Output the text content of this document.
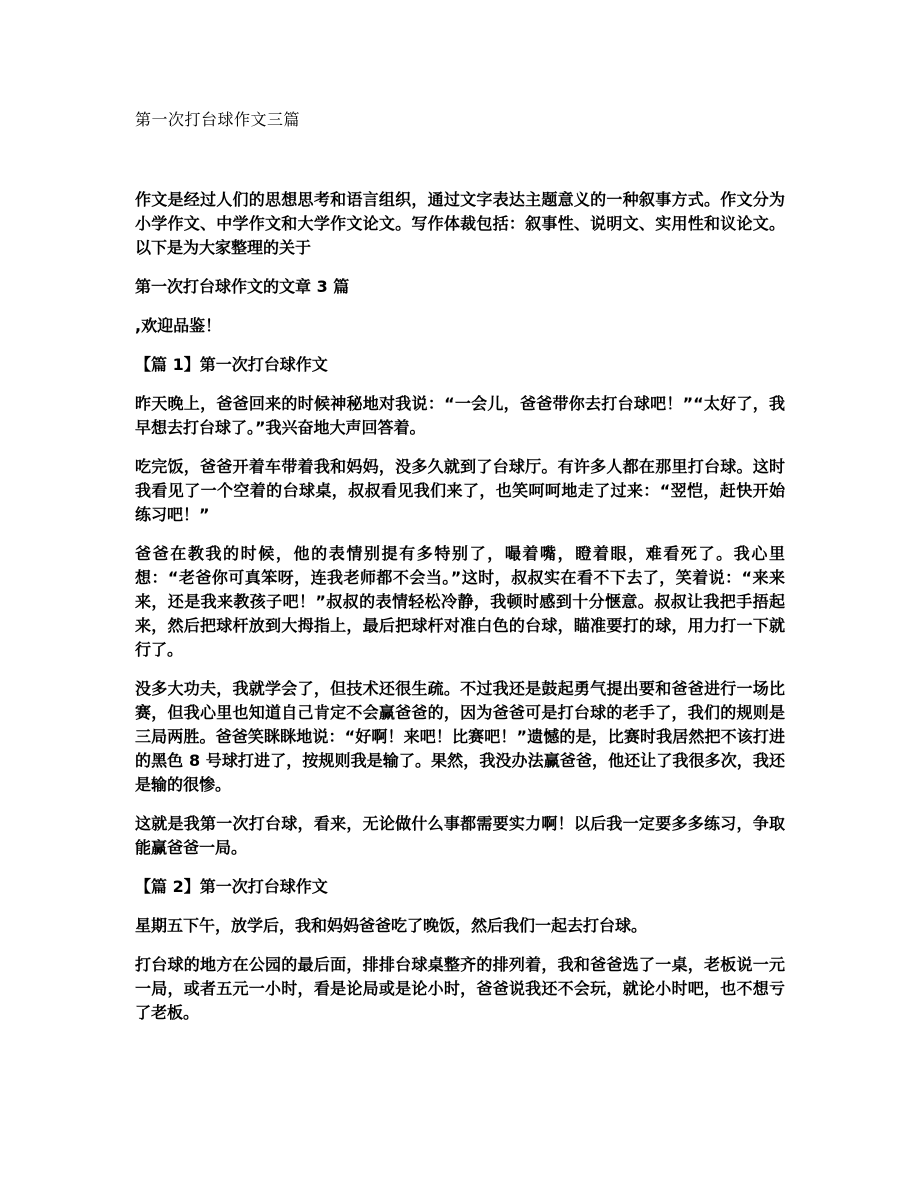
第一次打台球作文三篇

作文是经过人们的思想思考和语言组织，通过文字表达主题意义的一种叙事方式。作文分为小学作文、中学作文和大学作文论文。写作体裁包括：叙事性、说明文、实用性和议论文。 以下是为大家整理的关于

第一次打台球作文的文章 3 篇

,欢迎品鉴！

【篇 1】第一次打台球作文

昨天晚上，爸爸回来的时候神秘地对我说：“一会儿，爸爸带你去打台球吧！”“太好了，我早想去打台球了。”我兴奋地大声回答着。

吃完饭，爸爸开着车带着我和妈妈，没多久就到了台球厅。有许多人都在那里打台球。这时我看见了一个空着的台球桌，叔叔看见我们来了，也笑呵呵地走了过来：“翌恺，赶快开始练习吧！”

爸爸在教我的时候，他的表情别提有多特别了，嘬着嘴，瞪着眼，难看死了。我心里想：“老爸你可真笨呀，连我老师都不会当。”这时，叔叔实在看不下去了，笑着说：“来来来，还是我来教孩子吧！”叔叔的表情轻松冷静，我顿时感到十分惬意。叔叔让我把手捂起来，然后把球杆放到大拇指上，最后把球杆对准白色的台球，瞄准要打的球，用力打一下就行了。

没多大功夫，我就学会了，但技术还很生疏。不过我还是鼓起勇气提出要和爸爸进行一场比赛，但我心里也知道自己肯定不会赢爸爸的，因为爸爸可是打台球的老手了，我们的规则是三局两胜。爸爸笑眯眯地说：“好啊！来吧！比赛吧！”遗憾的是，比赛时我居然把不该打进的黑色 8 号球打进了，按规则我是输了。果然，我没办法赢爸爸，他还让了我很多次，我还是输的很惨。

这就是我第一次打台球，看来，无论做什么事都需要实力啊！以后我一定要多多练习，争取能赢爸爸一局。

【篇 2】第一次打台球作文

星期五下午，放学后，我和妈妈爸爸吃了晚饭，然后我们一起去打台球。

打台球的地方在公园的最后面，排排台球桌整齐的排列着，我和爸爸选了一桌，老板说一元一局，或者五元一小时，看是论局或是论小时，爸爸说我还不会玩，就论小时吧，也不想亏了老板。
